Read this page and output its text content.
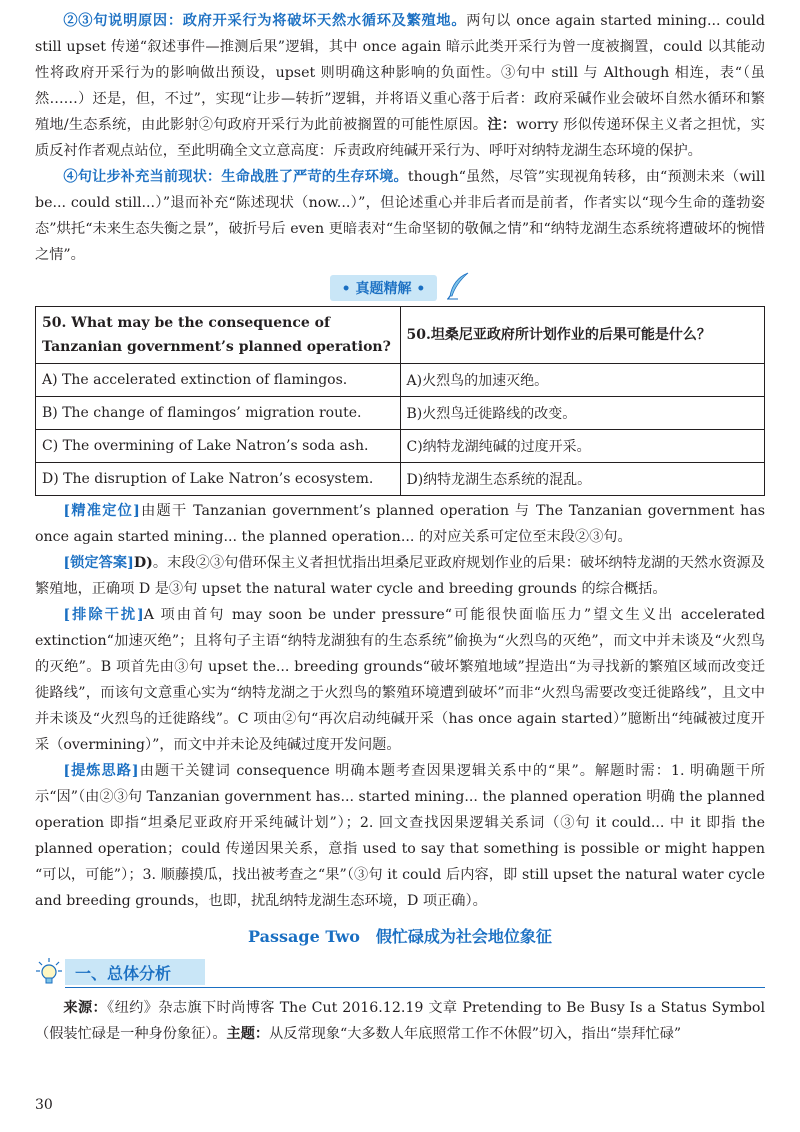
②③句说明原因：政府开采行为将破坏天然水循环及繁殖地。两句以 once again started mining... could still upset 传递“叙述事件—推测后果”逻辑，其中 once again 暗示此类开采行为曾一度被搁置，could 以其能动性将政府开采行为的影响做出预设，upset 则明确这种影响的负面性。③句中 still 与 Although 相连，表“（虽然……）还是，但，不过”，实现“让步—转折”逻辑，并将语义重心落于后者：政府采碱作业会破坏自然水循环和繁殖地/生态系统，由此影射②句政府开采行为此前被搁置的可能性原因。注：worry 形似传递环保主义者之担忧，实质反衬作者观点站位，至此明确全文立意高度：斥责政府纯碱开采行为、呼吁对纳特龙湖生态环境的保护。

④句让步补充当前现状：生命战胜了严苛的生存环境。though“虽然，尽管”实现视角转移，由“预测未来（will be... could still...）”退而补充“陈述现状（now...）”，但论述重心并非后者而是前者，作者实以“现今生命的蓬勃姿态”烘托“未来生态失衡之景”，破折号后 even 更暗表对“生命坚韧的敬佩之情”和“纳特龙湖生态系统将遭破坏的惋惜之情”。

• 真题精解 •
50. What may be the consequence of Tanzanian government’s planned operation?	50.坦桑尼亚政府所计划作业的后果可能是什么？
A) The accelerated extinction of flamingos.	A)火烈鸟的加速灭绝。
B) The change of flamingos’ migration route.	B)火烈鸟迁徙路线的改变。
C) The overmining of Lake Natron’s soda ash.	C)纳特龙湖纯碱的过度开采。
D) The disruption of Lake Natron’s ecosystem.	D)纳特龙湖生态系统的混乱。

[精准定位]由题干 Tanzanian government’s planned operation 与 The Tanzanian government has once again started mining... the planned operation... 的对应关系可定位至末段②③句。

[锁定答案]D)。末段②③句借环保主义者担忧指出坦桑尼亚政府规划作业的后果：破坏纳特龙湖的天然水资源及繁殖地，正确项 D 是③句 upset the natural water cycle and breeding grounds 的综合概括。

[排除干扰]A 项由首句 may soon be under pressure“可能很快面临压力”望文生义出 accelerated extinction“加速灭绝”；且将句子主语“纳特龙湖独有的生态系统”偷换为“火烈鸟的灭绝”，而文中并未谈及“火烈鸟的灭绝”。B 项首先由③句 upset the... breeding grounds“破坏繁殖地域”捏造出“为寻找新的繁殖区域而改变迁徙路线”，而该句文意重心实为“纳特龙湖之于火烈鸟的繁殖环境遭到破坏”而非“火烈鸟需要改变迁徙路线”，且文中并未谈及“火烈鸟的迁徙路线”。C 项由②句“再次启动纯碱开采（has once again started）”臆断出“纯碱被过度开采（overmining）”，而文中并未论及纯碱过度开发问题。

[提炼思路]由题干关键词 consequence 明确本题考查因果逻辑关系中的“果”。解题时需：1. 明确题干所示“因”（由②③句 Tanzanian government has... started mining... the planned operation 明确 the planned operation 即指“坦桑尼亚政府开采纯碱计划”）；2. 回文查找因果逻辑关系词（③句 it could... 中 it 即指 the planned operation；could 传递因果关系，意指 used to say that something is possible or might happen “可以，可能”）；3. 顺藤摸瓜，找出被考查之“果”（③句 it could 后内容，即 still upset the natural water cycle and breeding grounds，也即，扰乱纳特龙湖生态环境，D 项正确）。

Passage Two　假忙碌成为社会地位象征
一、总体分析

来源：《纽约》杂志旗下时尚博客 The Cut 2016.12.19 文章 Pretending to Be Busy Is a Status Symbol（假装忙碌是一种身份象征）。主题：从反常现象“大多数人年底照常工作不休假”切入，指出“崇拜忙碌”

30
